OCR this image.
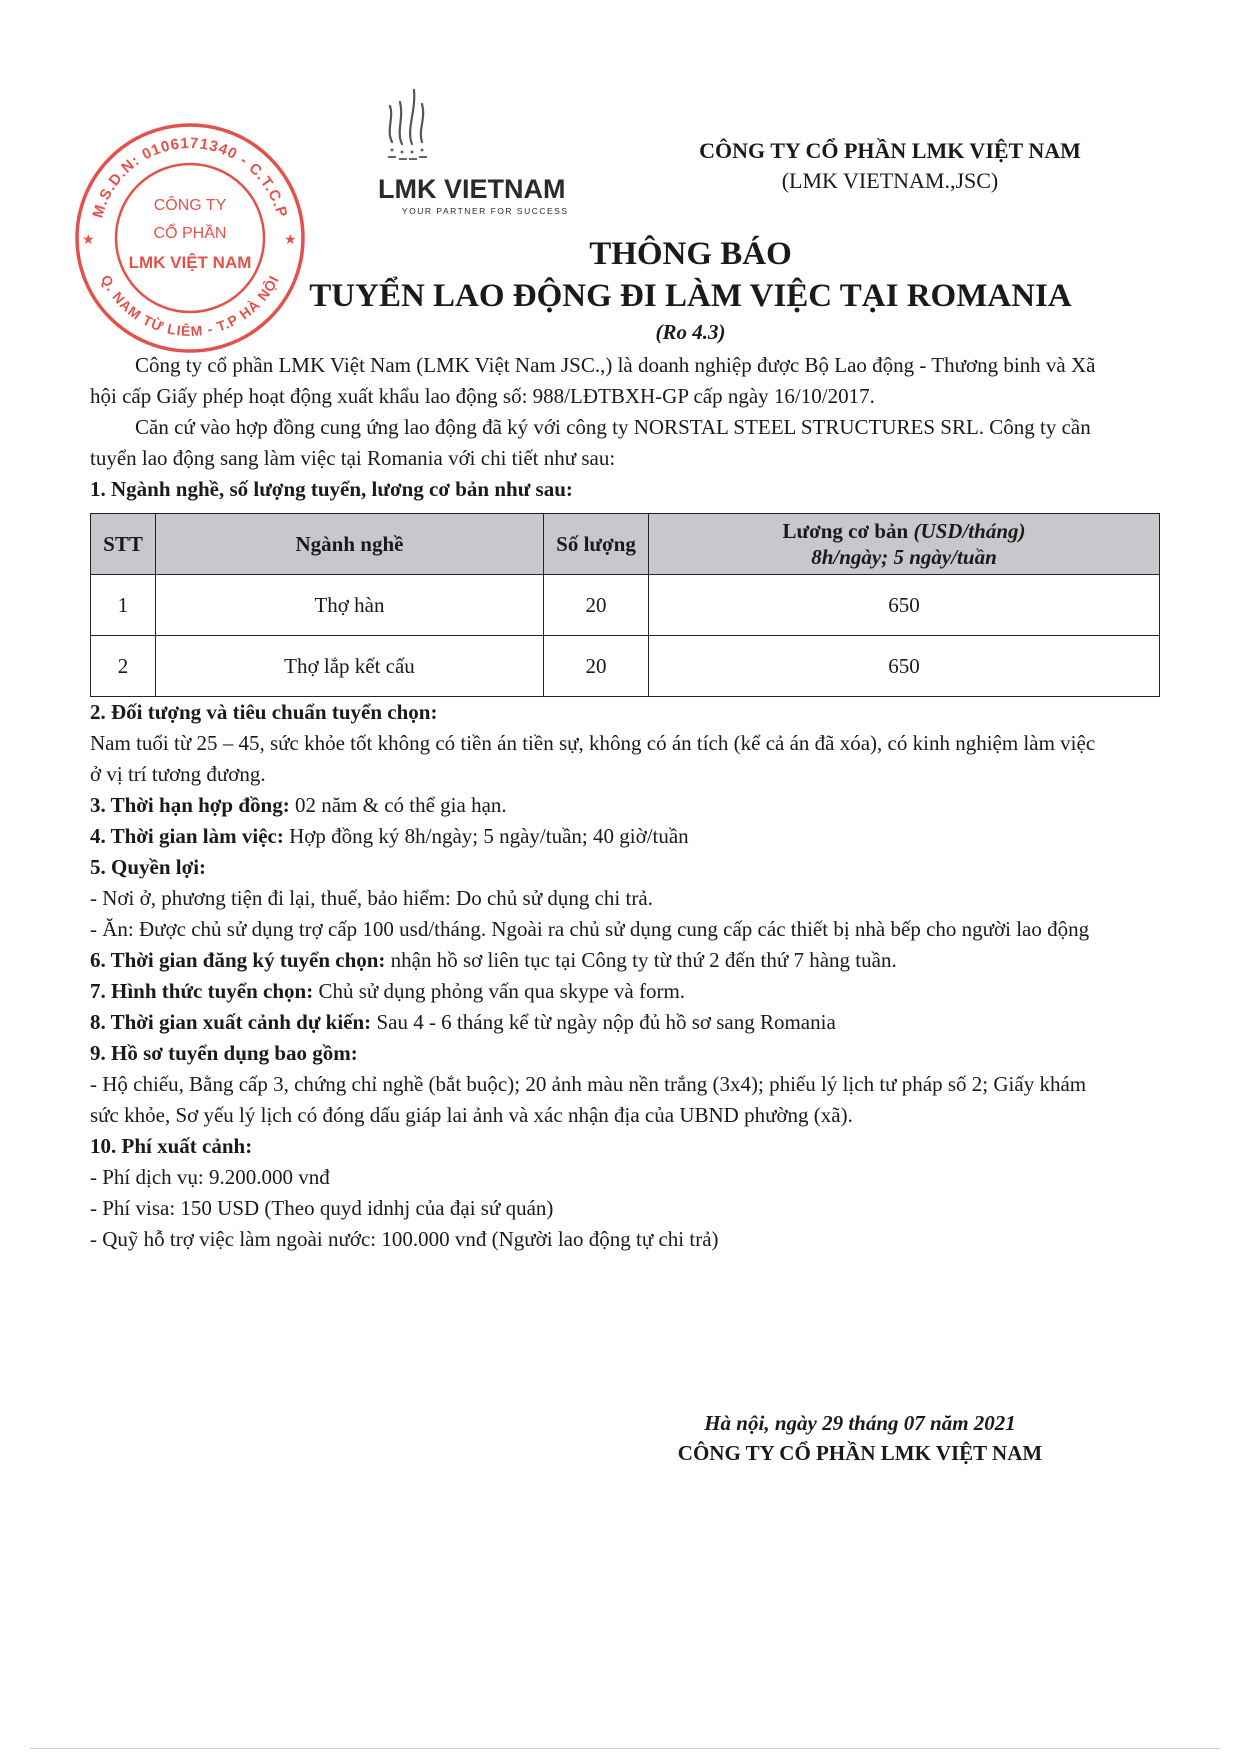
LMK VIETNAM
YOUR PARTNER FOR SUCCESS
M.S.D.N: 0106171340 - C.T.C.P
Q. NAM TỪ LIÊM - T.P HÀ NỘI
CÔNG TY
CỔ PHẦN
LMK VIỆT NAM
★	★
CÔNG TY CỔ PHẦN LMK VIỆT NAM
(LMK VIETNAM.,JSC)
THÔNG BÁO
TUYỂN LAO ĐỘNG ĐI LÀM VIỆC TẠI ROMANIA
(Ro 4.3)

Công ty cổ phần LMK Việt Nam (LMK Việt Nam JSC.,) là doanh nghiệp được Bộ Lao động - Thương binh và Xã hội cấp Giấy phép hoạt động xuất khẩu lao động số: 988/LĐTBXH-GP cấp ngày 16/10/2017.

Căn cứ vào hợp đồng cung ứng lao động đã ký với công ty NORSTAL STEEL STRUCTURES SRL. Công ty cần tuyển lao động sang làm việc tại Romania với chi tiết như sau:

1. Ngành nghề, số lượng tuyển, lương cơ bản như sau:

STT	Ngành nghề	Số lượng	Lương cơ bản (USD/tháng)
8h/ngày; 5 ngày/tuần
1	Thợ hàn	20	650
2	Thợ lắp kết cấu	20	650

2. Đối tượng và tiêu chuẩn tuyển chọn:

Nam tuổi từ 25 – 45, sức khỏe tốt không có tiền án tiền sự, không có án tích (kể cả án đã xóa), có kinh nghiệm làm việc ở vị trí tương đương.

3. Thời hạn hợp đồng: 02 năm & có thể gia hạn.

4. Thời gian làm việc: Hợp đồng ký 8h/ngày; 5 ngày/tuần; 40 giờ/tuần

5. Quyền lợi:

- Nơi ở, phương tiện đi lại, thuế, bảo hiểm: Do chủ sử dụng chi trả.

- Ăn: Được chủ sử dụng trợ cấp 100 usd/tháng. Ngoài ra chủ sử dụng cung cấp các thiết bị nhà bếp cho người lao động

6. Thời gian đăng ký tuyển chọn: nhận hồ sơ liên tục tại Công ty từ thứ 2 đến thứ 7 hàng tuần.

7. Hình thức tuyển chọn: Chủ sử dụng phỏng vấn qua skype và form.

8. Thời gian xuất cảnh dự kiến: Sau 4 - 6 tháng kể từ ngày nộp đủ hồ sơ sang Romania

9. Hồ sơ tuyển dụng bao gồm:

- Hộ chiếu, Bằng cấp 3, chứng chỉ nghề (bắt buộc); 20 ảnh màu nền trắng (3x4); phiếu lý lịch tư pháp số 2; Giấy khám sức khỏe, Sơ yếu lý lịch có đóng dấu giáp lai ảnh và xác nhận địa của UBND phường (xã).

10. Phí xuất cảnh:

- Phí dịch vụ: 9.200.000 vnđ

- Phí visa: 150 USD (Theo quyd idnhj của đại sứ quán)

- Quỹ hỗ trợ việc làm ngoài nước: 100.000 vnđ (Người lao động tự chi trả)

Hà nội, ngày 29 tháng 07 năm 2021
CÔNG TY CỔ PHẦN LMK VIỆT NAM
